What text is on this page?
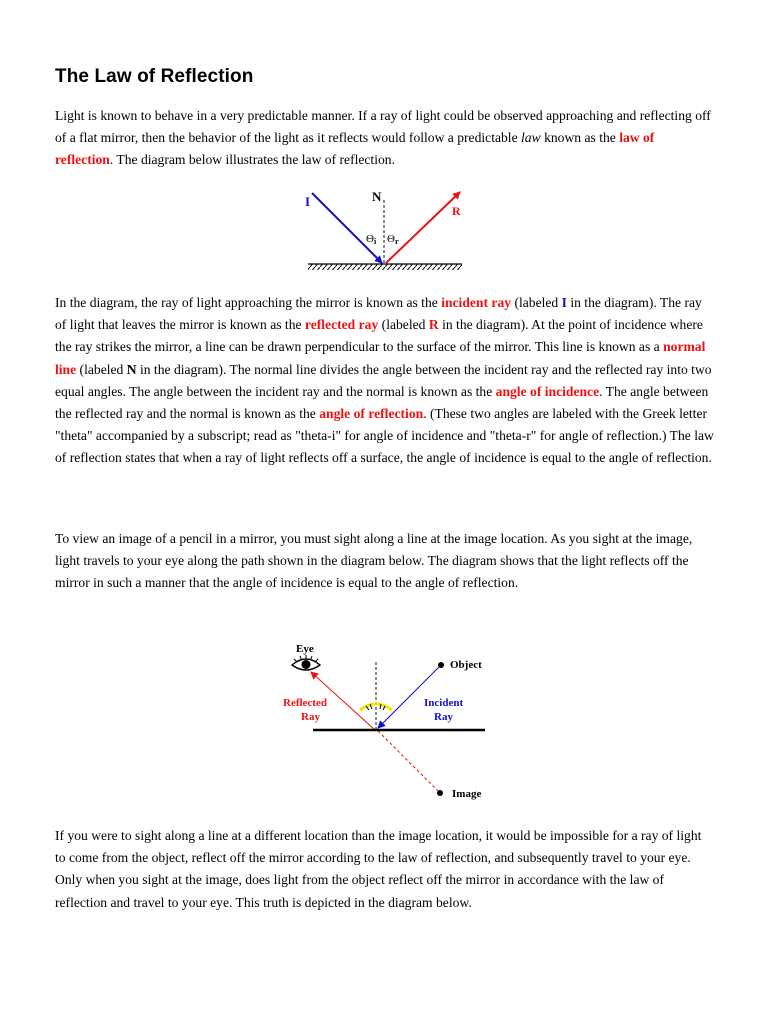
The Law of Reflection

Light is known to behave in a very predictable manner. If a ray of light could be observed approaching and reflecting off of a flat mirror, then the behavior of the light as it reflects would follow a predictable law known as the law of reflection. The diagram below illustrates the law of reflection.

In the diagram, the ray of light approaching the mirror is known as the incident ray (labeled I in the diagram). The ray of light that leaves the mirror is known as the reflected ray (labeled R in the diagram). At the point of incidence where the ray strikes the mirror, a line can be drawn perpendicular to the surface of the mirror. This line is known as a normal line (labeled N in the diagram). The normal line divides the angle between the incident ray and the reflected ray into two equal angles. The angle between the incident ray and the normal is known as the angle of incidence. The angle between the reflected ray and the normal is known as the angle of reflection. (These two angles are labeled with the Greek letter "theta" accompanied by a subscript; read as "theta-i" for angle of incidence and "theta-r" for angle of reflection.) The law of reflection states that when a ray of light reflects off a surface, the angle of incidence is equal to the angle of reflection.

To view an image of a pencil in a mirror, you must sight along a line at the image location. As you sight at the image, light travels to your eye along the path shown in the diagram below. The diagram shows that the light reflects off the mirror in such a manner that the angle of incidence is equal to the angle of reflection.

If you were to sight along a line at a different location than the image location, it would be impossible for a ray of light to come from the object, reflect off the mirror according to the law of reflection, and subsequently travel to your eye. Only when you sight at the image, does light from the object reflect off the mirror in accordance with the law of reflection and travel to your eye. This truth is depicted in the diagram below.

I	N
R
Θi Θr
Eye
Object
Reflected
Ray
Incident
Ray
Image
